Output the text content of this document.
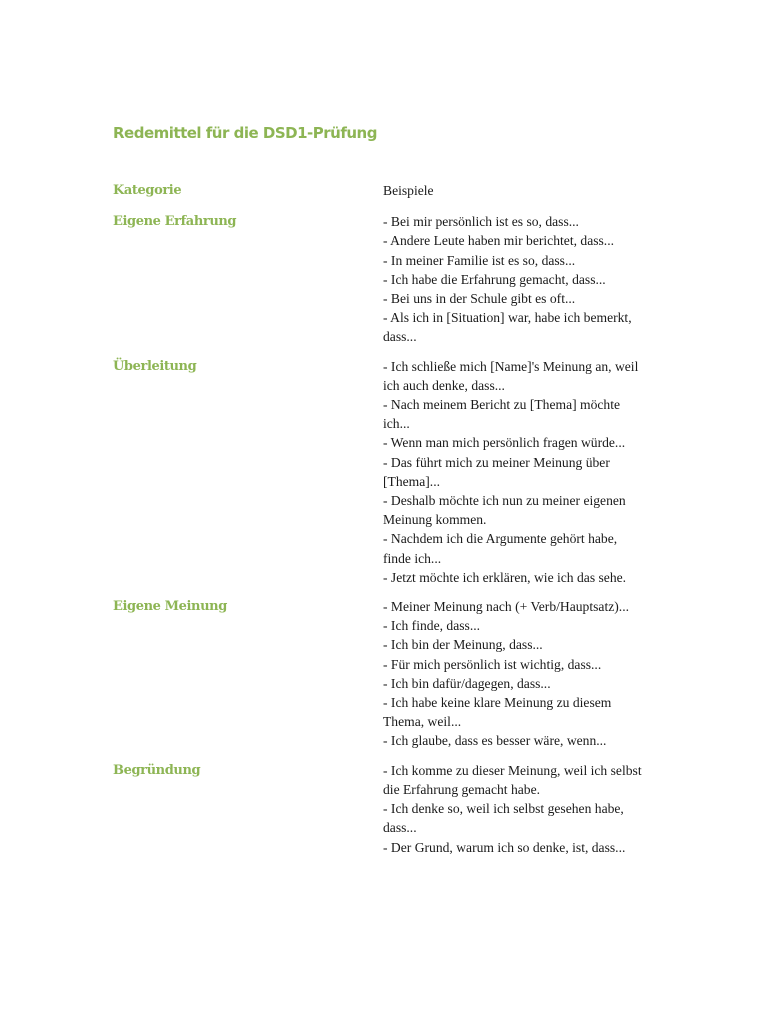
Redemittel für die DSD1-Prüfung
Kategorie	Beispiele
Eigene Erfahrung	- Bei mir persönlich ist es so, dass...
- Andere Leute haben mir berichtet, dass...
- In meiner Familie ist es so, dass...
- Ich habe die Erfahrung gemacht, dass...
- Bei uns in der Schule gibt es oft...
- Als ich in [Situation] war, habe ich bemerkt, dass...
Überleitung	- Ich schließe mich [Name]'s Meinung an, weil ich auch denke, dass...
- Nach meinem Bericht zu [Thema] möchte ich...
- Wenn man mich persönlich fragen würde...
- Das führt mich zu meiner Meinung über [Thema]...
- Deshalb möchte ich nun zu meiner eigenen Meinung kommen.
- Nachdem ich die Argumente gehört habe, finde ich...
- Jetzt möchte ich erklären, wie ich das sehe.
Eigene Meinung	- Meiner Meinung nach (+ Verb/Hauptsatz)...
- Ich finde, dass...
- Ich bin der Meinung, dass...
- Für mich persönlich ist wichtig, dass...
- Ich bin dafür/dagegen, dass...
- Ich habe keine klare Meinung zu diesem Thema, weil...
- Ich glaube, dass es besser wäre, wenn...
Begründung	- Ich komme zu dieser Meinung, weil ich selbst die Erfahrung gemacht habe.
- Ich denke so, weil ich selbst gesehen habe, dass...
- Der Grund, warum ich so denke, ist, dass...
